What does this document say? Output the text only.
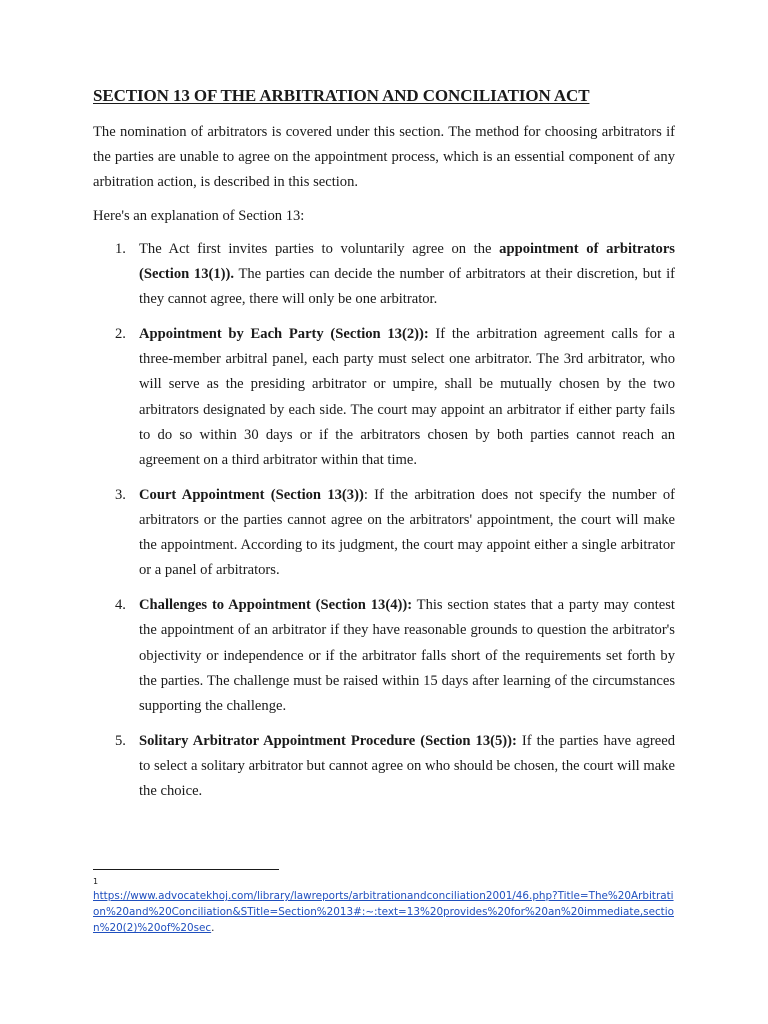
SECTION 13 OF THE ARBITRATION AND CONCILIATION ACT

The nomination of arbitrators is covered under this section. The method for choosing arbitrators if the parties are unable to agree on the appointment process, which is an essential component of any arbitration action, is described in this section.

Here's an explanation of Section 13:

1. The Act first invites parties to voluntarily agree on the appointment of arbitrators (Section 13(1)). The parties can decide the number of arbitrators at their discretion, but if they cannot agree, there will only be one arbitrator.
2. Appointment by Each Party (Section 13(2)): If the arbitration agreement calls for a three-member arbitral panel, each party must select one arbitrator. The 3rd arbitrator, who will serve as the presiding arbitrator or umpire, shall be mutually chosen by the two arbitrators designated by each side. The court may appoint an arbitrator if either party fails to do so within 30 days or if the arbitrators chosen by both parties cannot reach an agreement on a third arbitrator within that time.
3. Court Appointment (Section 13(3)): If the arbitration does not specify the number of arbitrators or the parties cannot agree on the arbitrators' appointment, the court will make the appointment. According to its judgment, the court may appoint either a single arbitrator or a panel of arbitrators.
4. Challenges to Appointment (Section 13(4)): This section states that a party may contest the appointment of an arbitrator if they have reasonable grounds to question the arbitrator's objectivity or independence or if the arbitrator falls short of the requirements set forth by the parties. The challenge must be raised within 15 days after learning of the circumstances supporting the challenge.
5. Solitary Arbitrator Appointment Procedure (Section 13(5)): If the parties have agreed to select a solitary arbitrator but cannot agree on who should be chosen, the court will make the choice.
1
https://www.advocatekhoj.com/library/lawreports/arbitrationandconciliation2001/46.php?Title=The%20Arbitration%20and%20Conciliation&STitle=Section%2013#:~:text=13%20provides%20for%20an%20immediate,section%20(2)%20of%20sec.
